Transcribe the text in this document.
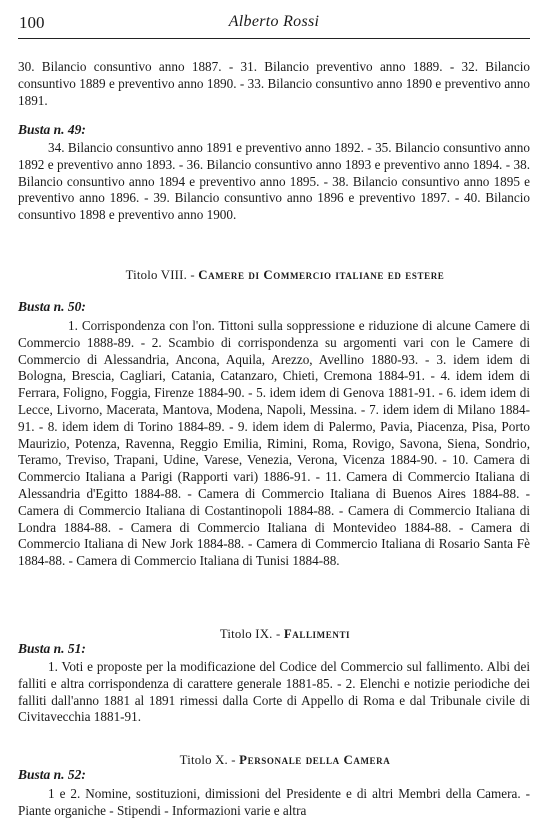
100	Alberto Rossi

30. Bilancio consuntivo anno 1887. - 31. Bilancio preventivo anno 1889. - 32. Bilancio consuntivo 1889 e preventivo anno 1890. - 33. Bilancio consuntivo anno 1890 e preventivo anno 1891.

Busta n. 49:

34. Bilancio consuntivo anno 1891 e preventivo anno 1892. - 35. Bilancio consuntivo anno 1892 e preventivo anno 1893. - 36. Bilancio consuntivo anno 1893 e preventivo anno 1894. - 38. Bilancio consuntivo anno 1894 e preventivo anno 1895. - 38. Bilancio consuntivo anno 1895 e preventivo anno 1896. - 39. Bilancio consuntivo anno 1896 e preventivo 1897. - 40. Bilancio consuntivo 1898 e preventivo anno 1900.

Titolo VIII. - Camere di Commercio italiane ed estere
Busta n. 50:

1. Corrispondenza con l'on. Tittoni sulla soppressione e riduzione di alcune Camere di Commercio 1888-89. - 2. Scambio di corrispondenza su argomenti vari con le Camere di Commercio di Alessandria, Ancona, Aquila, Arezzo, Avellino 1880-93. - 3. idem idem di Bologna, Brescia, Cagliari, Catania, Catanzaro, Chieti, Cremona 1884-91. - 4. idem idem di Ferrara, Foligno, Foggia, Firenze 1884-90. - 5. idem idem di Genova 1881-91. - 6. idem idem di Lecce, Livorno, Macerata, Mantova, Modena, Napoli, Messina. - 7. idem idem di Milano 1884-91. - 8. idem idem di Torino 1884-89. - 9. idem idem di Palermo, Pavia, Piacenza, Pisa, Porto Maurizio, Potenza, Ravenna, Reggio Emilia, Rimini, Roma, Rovigo, Savona, Siena, Sondrio, Teramo, Treviso, Trapani, Udine, Varese, Venezia, Verona, Vicenza 1884-90. - 10. Camera di Commercio Italiana a Parigi (Rapporti vari) 1886-91. - 11. Camera di Commercio Italiana di Alessandria d'Egitto 1884-88. - Camera di Commercio Italiana di Buenos Aires 1884-88. - Camera di Commercio Italiana di Costantinopoli 1884-88. - Camera di Commercio Italiana di Londra 1884-88. - Camera di Commercio Italiana di Montevideo 1884-88. - Camera di Commercio Italiana di New Jork 1884-88. - Camera di Commercio Italiana di Rosario Santa Fè 1884-88. - Camera di Commercio Italiana di Tunisi 1884-88.

Titolo IX. - Fallimenti
Busta n. 51:

1. Voti e proposte per la modificazione del Codice del Commercio sul fallimento. Albi dei falliti e altra corrispondenza di carattere generale 1881-85. - 2. Elenchi e notizie periodiche dei falliti dall'anno 1881 al 1891 rimessi dalla Corte di Appello di Roma e dal Tribunale civile di Civitavecchia 1881-91.

Titolo X. - Personale della Camera
Busta n. 52:

1 e 2. Nomine, sostituzioni, dimissioni del Presidente e di altri Membri della Camera. - Piante organiche - Stipendi - Informazioni varie e altra
